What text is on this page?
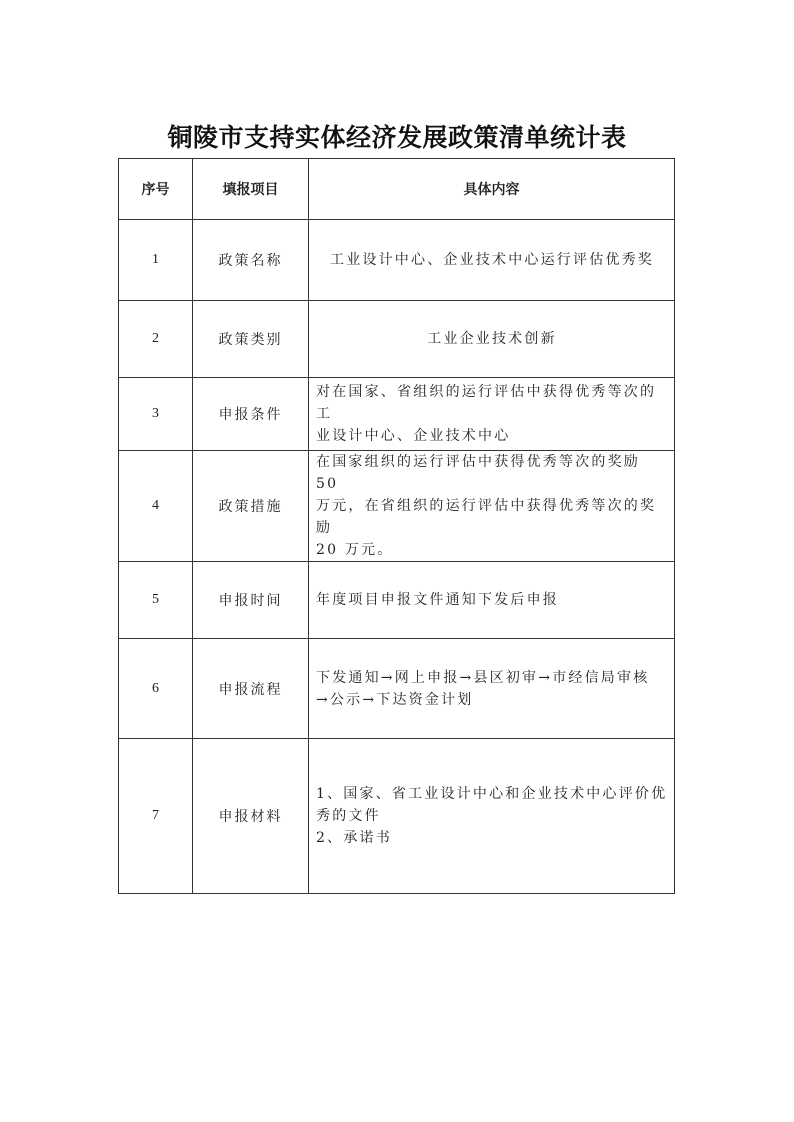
铜陵市支持实体经济发展政策清单统计表
序号	填报项目	具体内容
1	政策名称	工业设计中心、企业技术中心运行评估优秀奖

2	政策类别	工业企业技术创新

3	申报条件	对在国家、省组织的运行评估中获得优秀等次的工
业设计中心、企业技术中心

4	政策措施	在国家组织的运行评估中获得优秀等次的奖励 50
万元，在省组织的运行评估中获得优秀等次的奖励
20 万元。

5	申报时间	年度项目申报文件通知下发后申报

6	申报流程	下发通知→网上申报→县区初审→市经信局审核
→公示→下达资金计划

7	申报材料	1、国家、省工业设计中心和企业技术中心评价优
秀的文件
2、承诺书
